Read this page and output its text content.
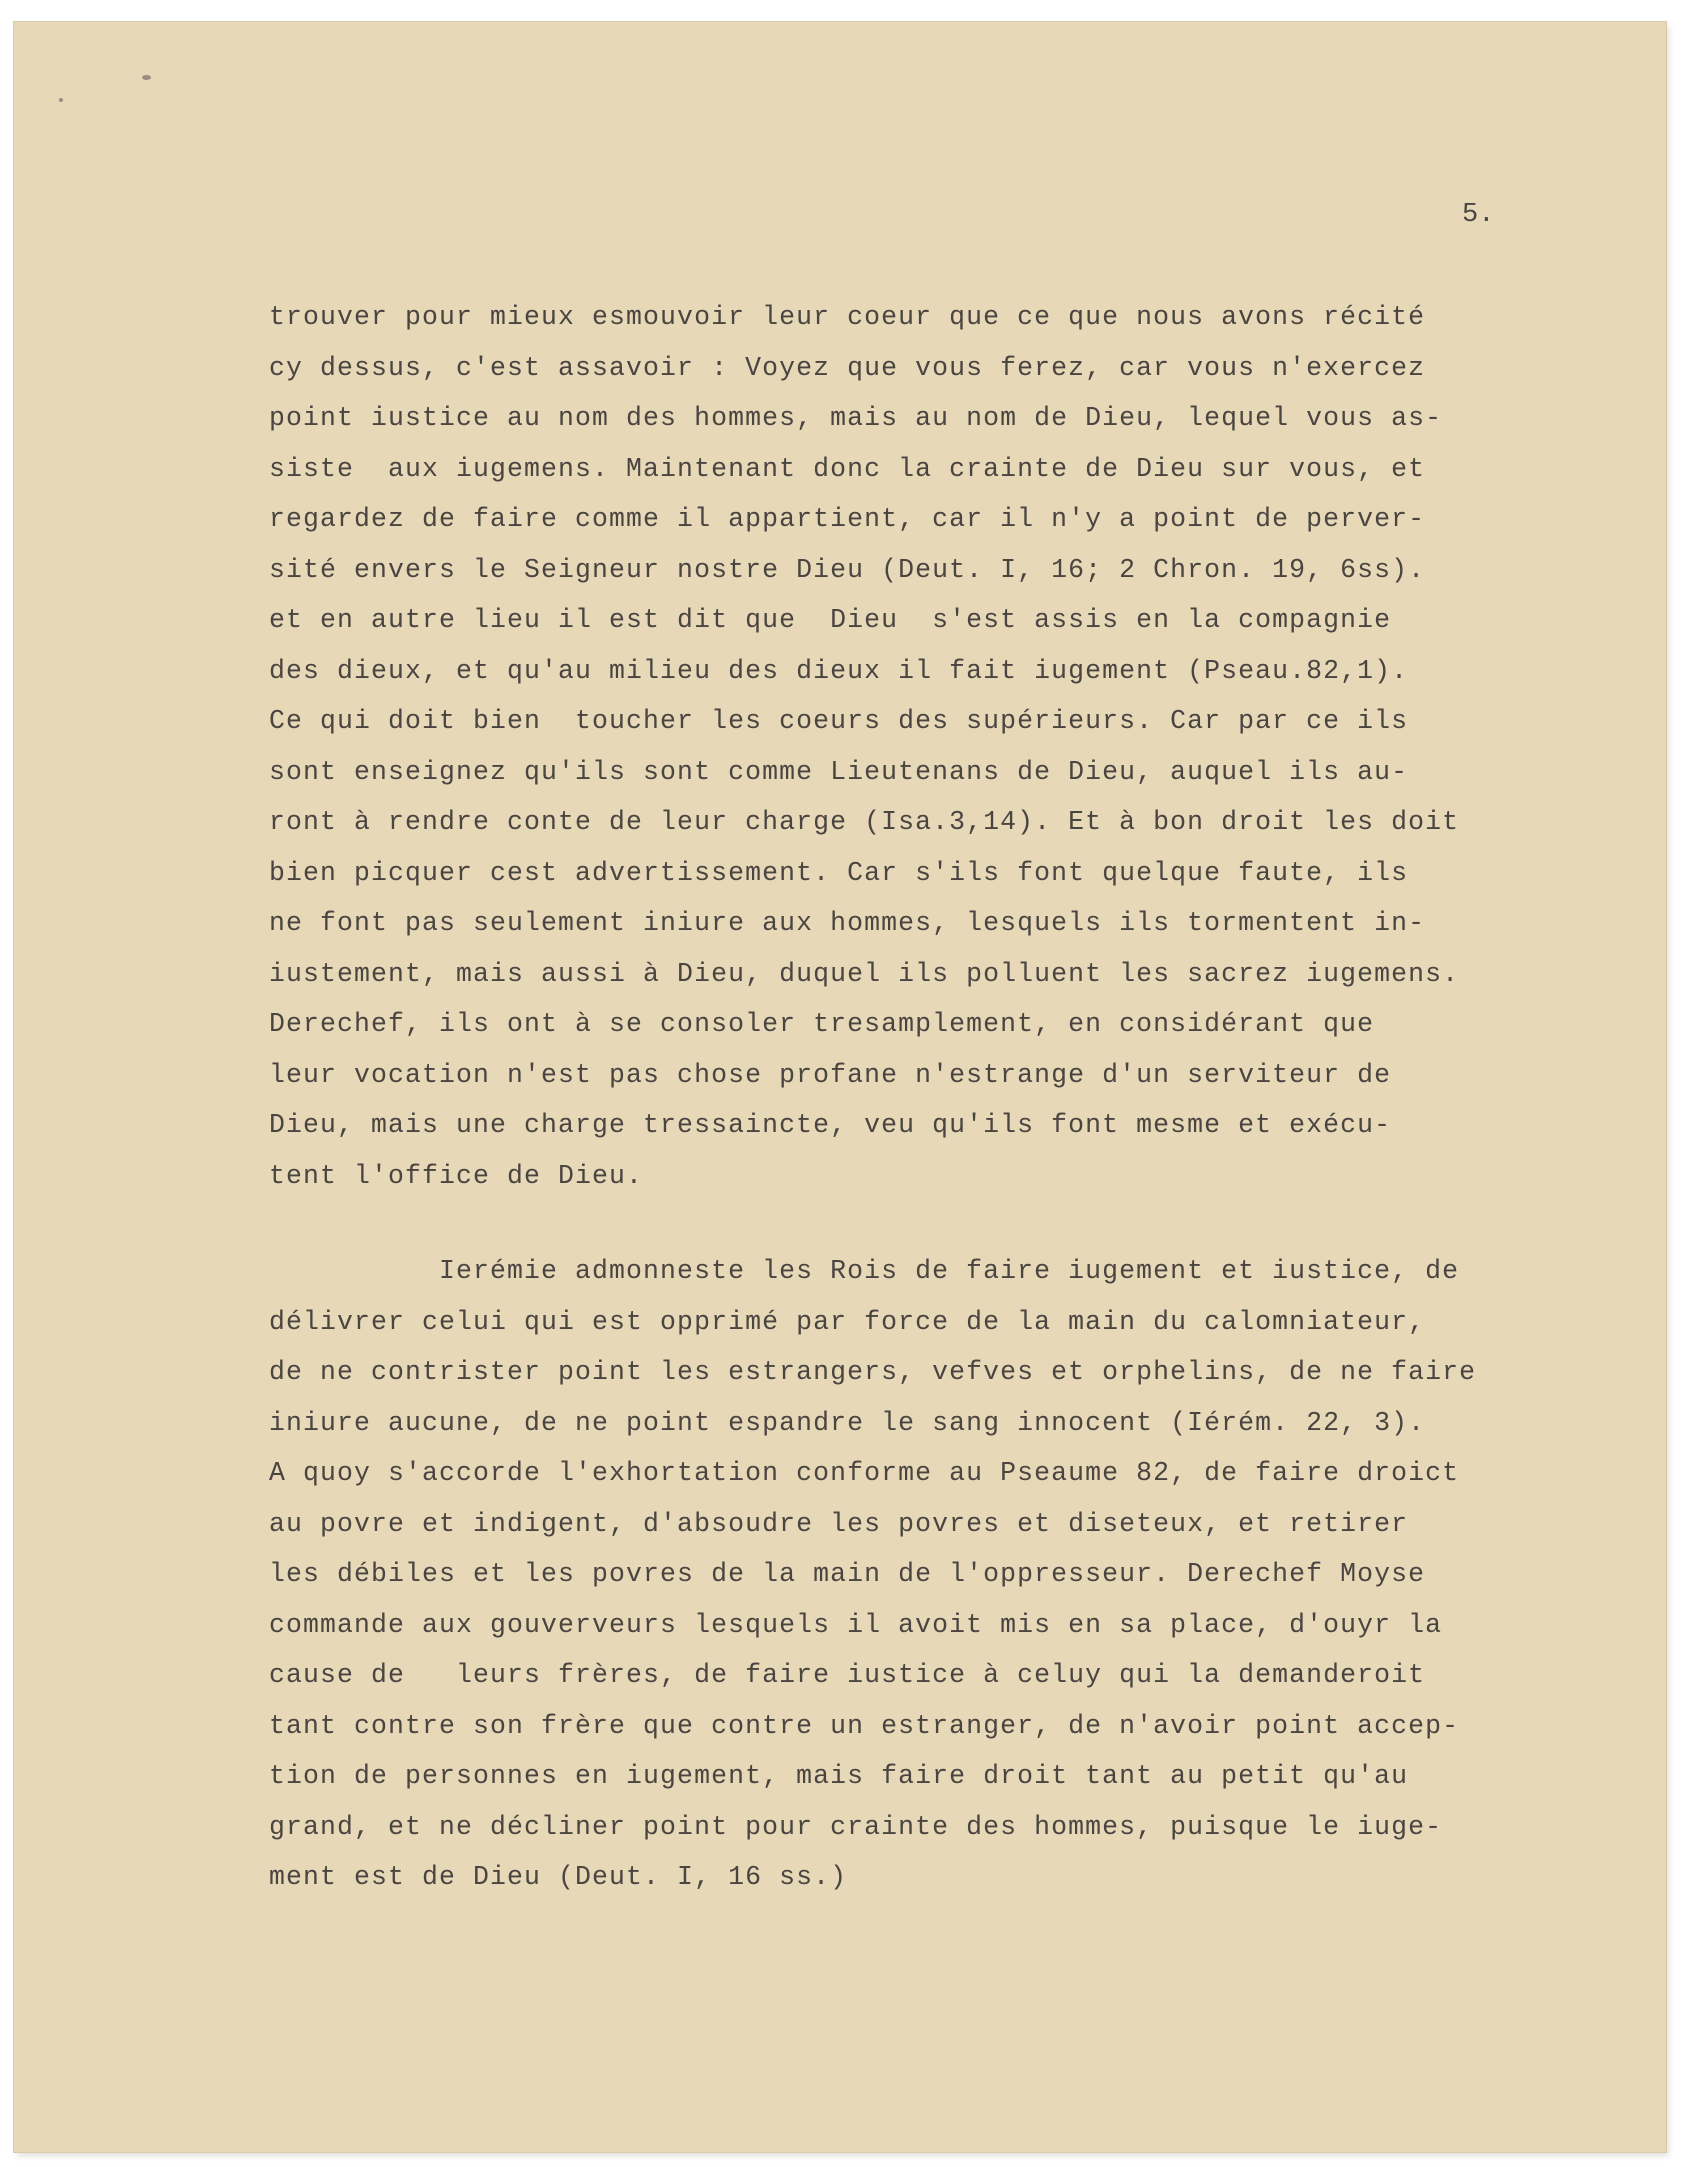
5.
trouver pour mieux esmouvoir leur coeur que ce que nous avons récité
cy dessus, c'est assavoir : Voyez que vous ferez, car vous n'exercez
point iustice au nom des hommes, mais au nom de Dieu, lequel vous as-
siste  aux iugemens. Maintenant donc la crainte de Dieu sur vous, et
regardez de faire comme il appartient, car il n'y a point de perver-
sité envers le Seigneur nostre Dieu (Deut. I, 16; 2 Chron. 19, 6ss).
et en autre lieu il est dit que  Dieu  s'est assis en la compagnie
des dieux, et qu'au milieu des dieux il fait iugement (Pseau.82,1).
Ce qui doit bien  toucher les coeurs des supérieurs. Car par ce ils
sont enseignez qu'ils sont comme Lieutenans de Dieu, auquel ils au-
ront à rendre conte de leur charge (Isa.3,14). Et à bon droit les doit
bien picquer cest advertissement. Car s'ils font quelque faute, ils
ne font pas seulement iniure aux hommes, lesquels ils tormentent in-
iustement, mais aussi à Dieu, duquel ils polluent les sacrez iugemens.
Derechef, ils ont à se consoler tresamplement, en considérant que
leur vocation n'est pas chose profane n'estrange d'un serviteur de
Dieu, mais une charge tressaincte, veu qu'ils font mesme et exécu-
tent l'office de Dieu.
Ierémie admonneste les Rois de faire iugement et iustice, de
délivrer celui qui est opprimé par force de la main du calomniateur,
de ne contrister point les estrangers, vefves et orphelins, de ne faire
iniure aucune, de ne point espandre le sang innocent (Iérém. 22, 3).
A quoy s'accorde l'exhortation conforme au Pseaume 82, de faire droict
au povre et indigent, d'absoudre les povres et diseteux, et retirer
les débiles et les povres de la main de l'oppresseur. Derechef Moyse
commande aux gouverveurs lesquels il avoit mis en sa place, d'ouyr la
cause de   leurs frères, de faire iustice à celuy qui la demanderoit
tant contre son frère que contre un estranger, de n'avoir point accep-
tion de personnes en iugement, mais faire droit tant au petit qu'au
grand, et ne décliner point pour crainte des hommes, puisque le iuge-
ment est de Dieu (Deut. I, 16 ss.)
